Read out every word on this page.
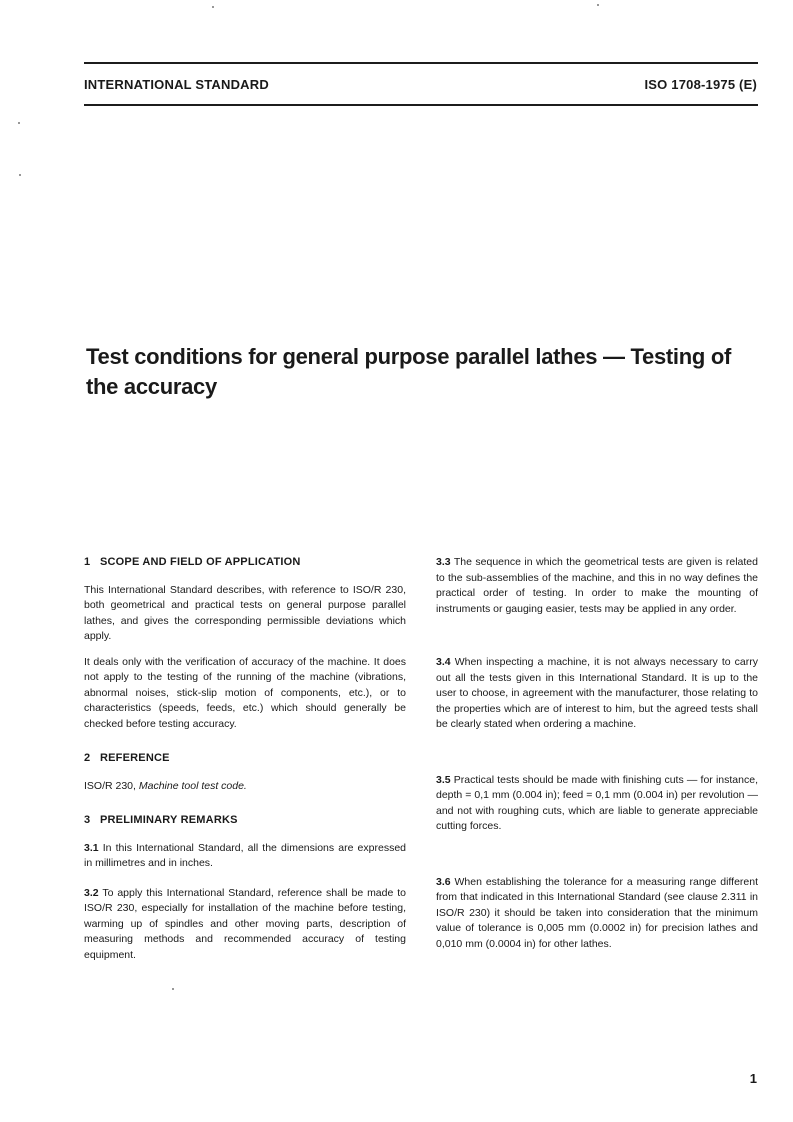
INTERNATIONAL STANDARD	ISO 1708-1975 (E)
Test conditions for general purpose parallel lathes — Testing of the accuracy
1 SCOPE AND FIELD OF APPLICATION

This International Standard describes, with reference to ISO/R 230, both geometrical and practical tests on general purpose parallel lathes, and gives the corresponding permissible deviations which apply.

It deals only with the verification of accuracy of the machine. It does not apply to the testing of the running of the machine (vibrations, abnormal noises, stick-slip motion of components, etc.), or to characteristics (speeds, feeds, etc.) which should generally be checked before testing accuracy.

2 REFERENCE

ISO/R 230, Machine tool test code.

3 PRELIMINARY REMARKS

3.1 In this International Standard, all the dimensions are expressed in millimetres and in inches.

3.2 To apply this International Standard, reference shall be made to ISO/R 230, especially for installation of the machine before testing, warming up of spindles and other moving parts, description of measuring methods and recommended accuracy of testing equipment.

3.3 The sequence in which the geometrical tests are given is related to the sub-assemblies of the machine, and this in no way defines the practical order of testing. In order to make the mounting of instruments or gauging easier, tests may be applied in any order.

3.4 When inspecting a machine, it is not always necessary to carry out all the tests given in this International Standard. It is up to the user to choose, in agreement with the manufacturer, those relating to the properties which are of interest to him, but the agreed tests shall be clearly stated when ordering a machine.

3.5 Practical tests should be made with finishing cuts — for instance, depth = 0,1 mm (0.004 in); feed = 0,1 mm (0.004 in) per revolution — and not with roughing cuts, which are liable to generate appreciable cutting forces.

3.6 When establishing the tolerance for a measuring range different from that indicated in this International Standard (see clause 2.311 in ISO/R 230) it should be taken into consideration that the minimum value of tolerance is 0,005 mm (0.0002 in) for precision lathes and 0,010 mm (0.0004 in) for other lathes.

1
